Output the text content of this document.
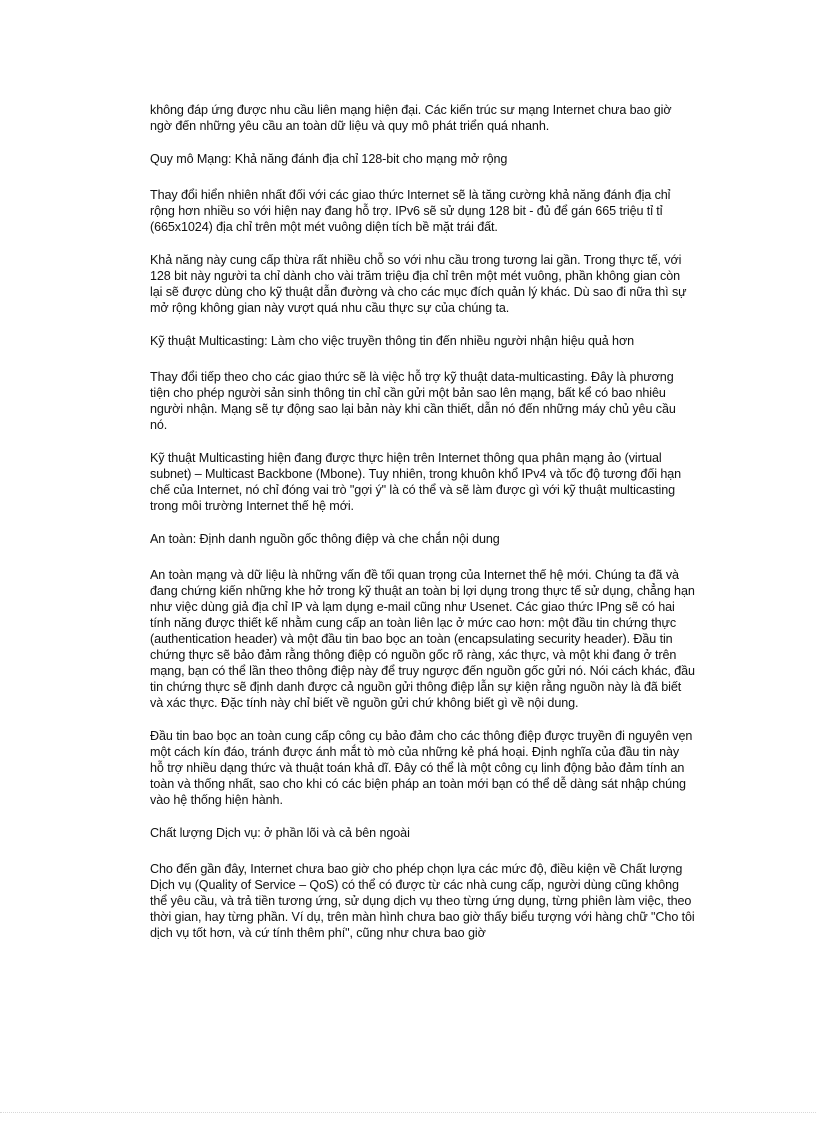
không đáp ứng được nhu cầu liên mạng hiện đại. Các kiến trúc sư mạng Internet chưa bao giờ ngờ đến những yêu cầu an toàn dữ liệu và quy mô phát triển quá nhanh.

Quy mô Mạng: Khả năng đánh địa chỉ 128-bit cho mạng mở rộng

Thay đổi hiển nhiên nhất đối với các giao thức Internet sẽ là tăng cường khả năng đánh địa chỉ rộng hơn nhiều so với hiện nay đang hỗ trợ. IPv6 sẽ sử dụng 128 bit - đủ để gán 665 triệu tỉ tỉ (665x1024) địa chỉ trên một mét vuông diện tích bề mặt trái đất.

Khả năng này cung cấp thừa rất nhiều chỗ so với nhu cầu trong tương lai gần. Trong thực tế, với 128 bit này người ta chỉ dành cho vài trăm triệu địa chỉ trên một mét vuông, phần không gian còn lại sẽ được dùng cho kỹ thuật dẫn đường và cho các mục đích quản lý khác. Dù sao đi nữa thì sự mở rộng không gian này vượt quá nhu cầu thực sự của chúng ta.

Kỹ thuật Multicasting: Làm cho việc truyền thông tin đến nhiều người nhận hiệu quả hơn

Thay đổi tiếp theo cho các giao thức sẽ là việc hỗ trợ kỹ thuật data-multicasting. Đây là phương tiện cho phép người sản sinh thông tin chỉ cần gửi một bản sao lên mạng, bất kể có bao nhiêu người nhận. Mạng sẽ tự động sao lại bản này khi cần thiết, dẫn nó đến những máy chủ yêu cầu nó.

Kỹ thuật Multicasting hiện đang được thực hiện trên Internet thông qua phân mạng ảo (virtual subnet) – Multicast Backbone (Mbone). Tuy nhiên, trong khuôn khổ IPv4 và tốc độ tương đối hạn chế của Internet, nó chỉ đóng vai trò "gợi ý" là có thể và sẽ làm được gì với kỹ thuật multicasting trong môi trường Internet thế hệ mới.

An toàn: Định danh nguồn gốc thông điệp và che chắn nội dung

An toàn mạng và dữ liệu là những vấn đề tối quan trọng của Internet thế hệ mới. Chúng ta đã và đang chứng kiến những khe hở trong kỹ thuật an toàn bị lợi dụng trong thực tế sử dụng, chẳng hạn như việc dùng giả địa chỉ IP và lạm dụng e-mail cũng như Usenet. Các giao thức IPng sẽ có hai tính năng được thiết kế nhằm cung cấp an toàn liên lạc ở mức cao hơn: một đầu tin chứng thực (authentication header) và một đầu tin bao bọc an toàn (encapsulating security header). Đầu tin chứng thực sẽ bảo đảm rằng thông điệp có nguồn gốc rõ ràng, xác thực, và một khi đang ở trên mạng, bạn có thể lần theo thông điệp này để truy ngược đến nguồn gốc gửi nó. Nói cách khác, đầu tin chứng thực sẽ định danh được cả nguồn gửi thông điệp lẫn sự kiện rằng nguồn này là đã biết và xác thực. Đặc tính này chỉ biết về nguồn gửi chứ không biết gì về nội dung.

Đầu tin bao bọc an toàn cung cấp công cụ bảo đảm cho các thông điệp được truyền đi nguyên vẹn một cách kín đáo, tránh được ánh mắt tò mò của những kẻ phá hoại. Định nghĩa của đầu tin này hỗ trợ nhiều dạng thức và thuật toán khả dĩ. Đây có thể là một công cụ linh động bảo đảm tính an toàn và thống nhất, sao cho khi có các biện pháp an toàn mới bạn có thể dễ dàng sát nhập chúng vào hệ thống hiện hành.

Chất lượng Dịch vụ: ở phần lõi và cả bên ngoài

Cho đến gần đây, Internet chưa bao giờ cho phép chọn lựa các mức độ, điều kiện về Chất lượng Dịch vụ (Quality of Service – QoS) có thể có được từ các nhà cung cấp, người dùng cũng không thể yêu cầu, và trả tiền tương ứng, sử dụng dịch vụ theo từng ứng dụng, từng phiên làm việc, theo thời gian, hay từng phần. Ví dụ, trên màn hình chưa bao giờ thấy biểu tượng với hàng chữ "Cho tôi dịch vụ tốt hơn, và cứ tính thêm phí", cũng như chưa bao giờ
